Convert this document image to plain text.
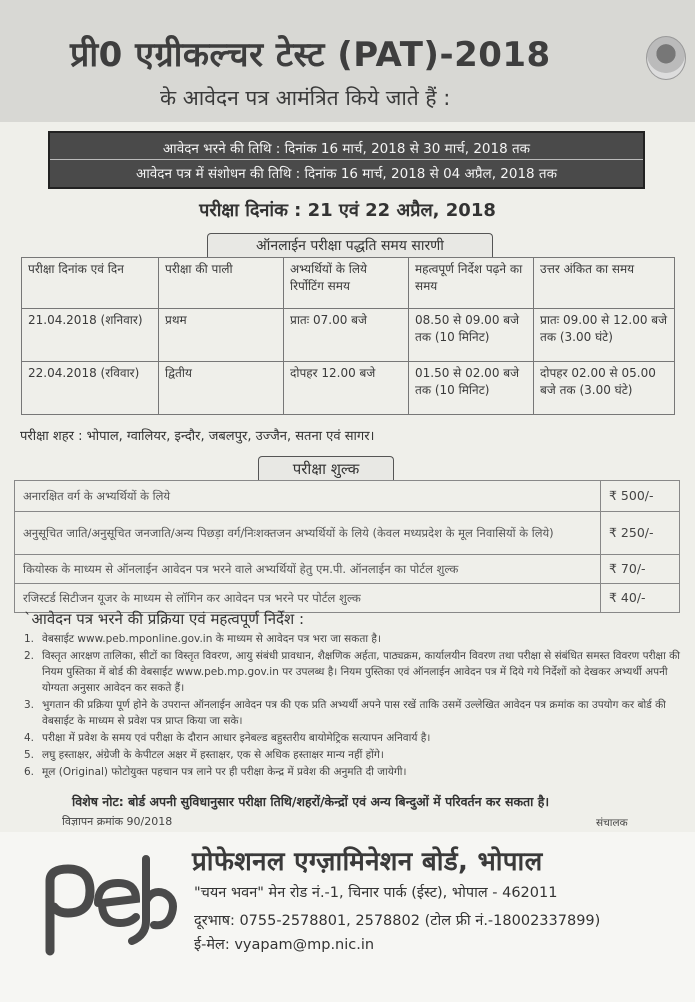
प्री0 एग्रीकल्चर टेस्ट (PAT)-2018
के आवेदन पत्र आमंत्रित किये जाते हैं :
आवेदन भरने की तिथि : दिनांक 16 मार्च, 2018 से 30 मार्च, 2018 तक
आवेदन पत्र में संशोधन की तिथि : दिनांक 16 मार्च, 2018 से 04 अप्रैल, 2018 तक
परीक्षा दिनांक : 21 एवं 22 अप्रैल, 2018
ऑनलाईन परीक्षा पद्धति समय सारणी
परीक्षा दिनांक एवं दिन	परीक्षा की पाली	अभ्यर्थियों के लिये रिर्पोटिंग समय	महत्वपूर्ण निर्देश पढ़ने का समय	उत्तर अंकित का समय
21.04.2018 (शनिवार)	प्रथम	प्रातः 07.00 बजे	08.50 से 09.00 बजे तक (10 मिनिट)	प्रातः 09.00 से 12.00 बजे तक (3.00 घंटे)
22.04.2018 (रविवार)	द्वितीय	दोपहर 12.00 बजे	01.50 से 02.00 बजे तक (10 मिनिट)	दोपहर 02.00 से 05.00 बजे तक (3.00 घंटे)
परीक्षा शहर : भोपाल, ग्वालियर, इन्दौर, जबलपुर, उज्जैन, सतना एवं सागर।
परीक्षा शुल्क
अनारक्षित वर्ग के अभ्यर्थियों के लिये	₹ 500/-
अनुसूचित जाति/अनुसूचित जनजाति/अन्य पिछड़ा वर्ग/निःशक्तजन अभ्यर्थियों के लिये (केवल मध्यप्रदेश के मूल निवासियों के लिये)	₹ 250/-
कियोस्क के माध्यम से ऑनलाईन आवेदन पत्र भरने वाले अभ्यर्थियों हेतु एम.पी. ऑनलाईन का पोर्टल शुल्क	₹ 70/-
रजिस्टर्ड सिटीजन यूजर के माध्यम से लॉगिन कर आवेदन पत्र भरने पर पोर्टल शुल्क	₹ 40/-
`आवेदन पत्र भरने की प्रक्रिया एवं महत्वपूर्ण निर्देश :
1. वेबसाईट www.peb.mponline.gov.in के माध्यम से आवेदन पत्र भरा जा सकता है।
2. विस्तृत आरक्षण तालिका, सीटों का विस्तृत विवरण, आयु संबंधी प्रावधान, शैक्षणिक अर्हता, पाठ्यक्रम, कार्यालयीन विवरण तथा परीक्षा से संबंधित समस्त विवरण परीक्षा की नियम पुस्तिका में बोर्ड की वेबसाईट www.peb.mp.gov.in पर उपलब्ध है। नियम पुस्तिका एवं ऑनलाईन आवेदन पत्र में दिये गये निर्देशों को देखकर अभ्यर्थी अपनी योग्यता अनुसार आवेदन कर सकते हैं।
3. भुगतान की प्रक्रिया पूर्ण होने के उपरान्त ऑनलाईन आवेदन पत्र की एक प्रति अभ्यर्थी अपने पास रखें ताकि उसमें उल्लेखित आवेदन पत्र क्रमांक का उपयोग कर बोर्ड की वेबसाईट के माध्यम से प्रवेश पत्र प्राप्त किया जा सके।
4. परीक्षा में प्रवेश के समय एवं परीक्षा के दौरान आधार इनेबल्ड बहुस्तरीय बायोमेट्रिक सत्यापन अनिवार्य है।
5. लघु हस्ताक्षर, अंग्रेजी के केपीटल अक्षर में हस्ताक्षर, एक से अधिक हस्ताक्षर मान्य नहीं होंगे।
6. मूल (Original) फोटोयुक्त पहचान पत्र लाने पर ही परीक्षा केन्द्र में प्रवेश की अनुमति दी जायेगी।
विशेष नोट: बोर्ड अपनी सुविधानुसार परीक्षा तिथि/शहरों/केन्द्रों एवं अन्य बिन्दुओं में परिवर्तन कर सकता है।
विज्ञापन क्रमांक 90/2018	संचालक
प्रोफेशनल एग्ज़ामिनेशन बोर्ड, भोपाल
"चयन भवन" मेन रोड नं.-1, चिनार पार्क (ईस्ट), भोपाल - 462011
दूरभाष: 0755-2578801, 2578802 (टोल फ्री नं.-18002337899)
ई-मेल: vyapam@mp.nic.in
